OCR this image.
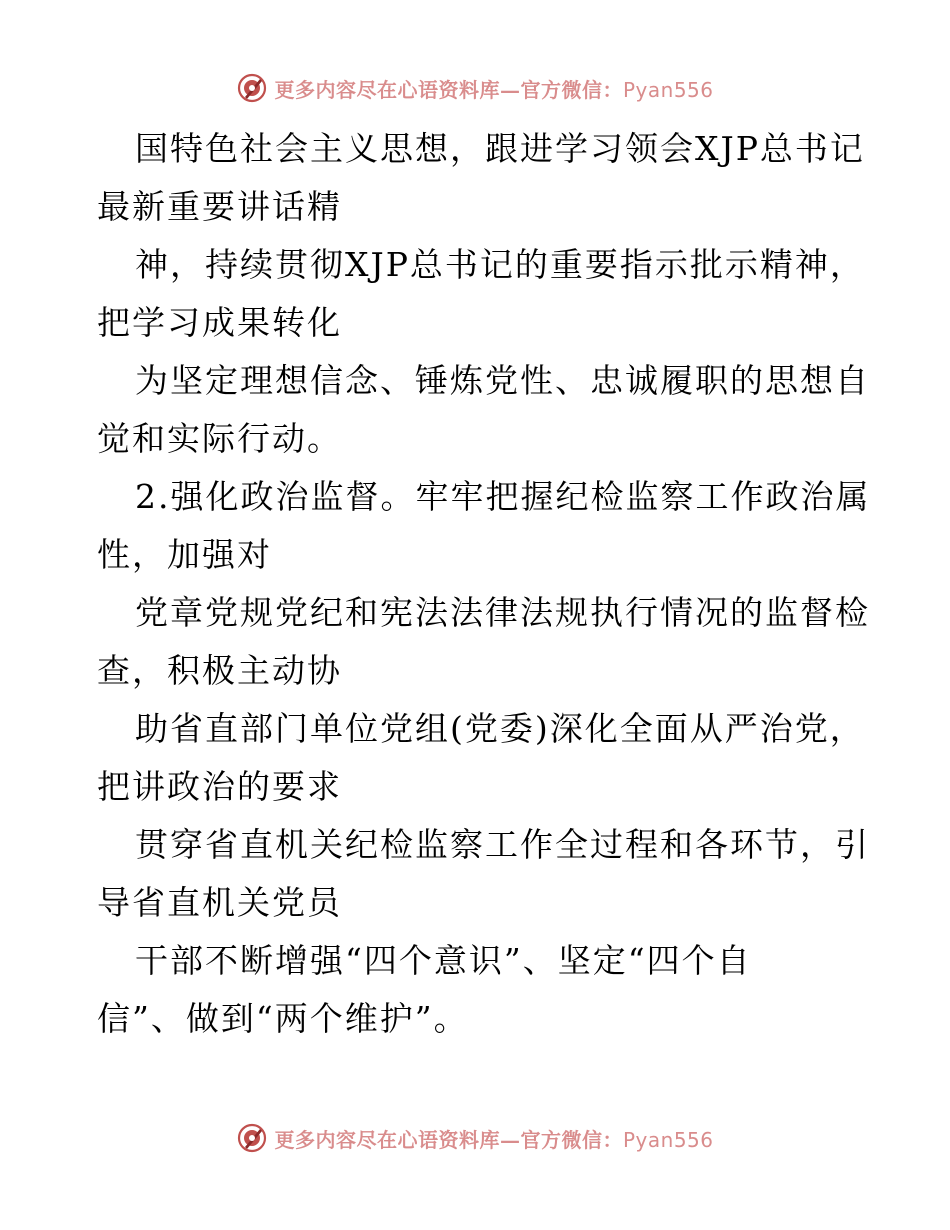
更多内容尽在心语资料库—官方微信：Pyan556
国特色社会主义思想，跟进学习领会XJP总书记
最新重要讲话精
神，持续贯彻XJP总书记的重要指示批示精神，
把学习成果转化
为坚定理想信念、锤炼党性、忠诚履职的思想自
觉和实际行动。
2.强化政治监督。牢牢把握纪检监察工作政治属
性，加强对
党章党规党纪和宪法法律法规执行情况的监督检
查，积极主动协
助省直部门单位党组(党委)深化全面从严治党，
把讲政治的要求
贯穿省直机关纪检监察工作全过程和各环节，引
导省直机关党员
干部不断增强“四个意识”、坚定“四个自
信”、做到“两个维护”。
更多内容尽在心语资料库—官方微信：Pyan556
